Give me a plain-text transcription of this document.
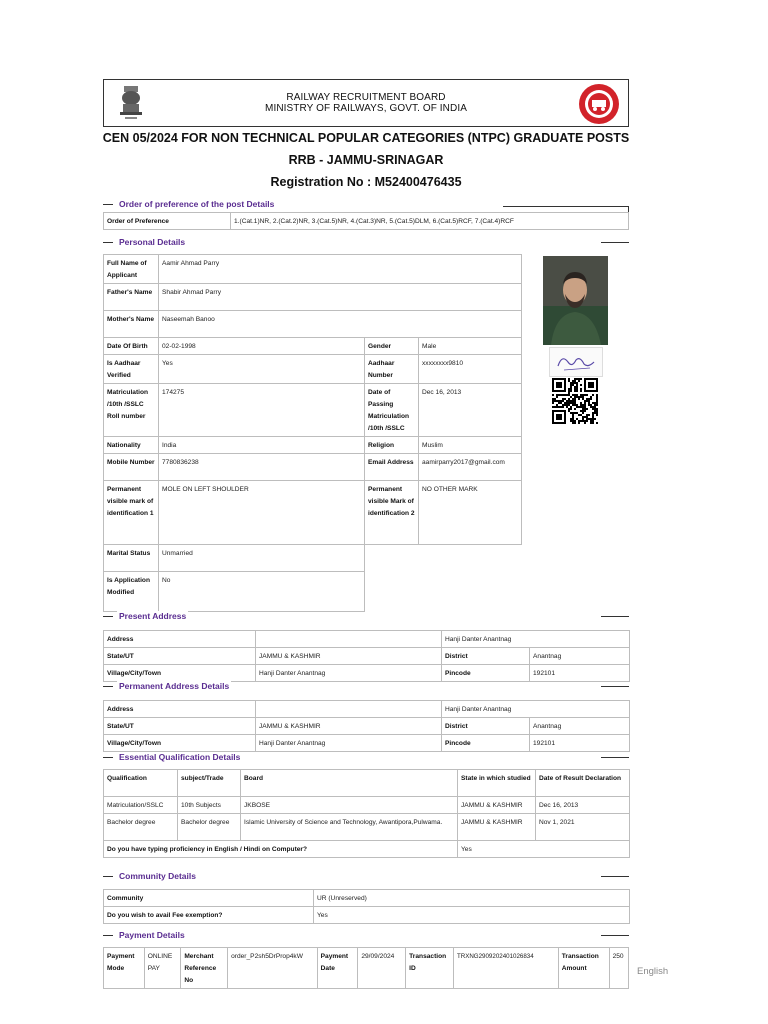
RAILWAY RECRUITMENT BOARD
MINISTRY OF RAILWAYS, GOVT. OF INDIA
CEN 05/2024 FOR NON TECHNICAL POPULAR CATEGORIES (NTPC) GRADUATE POSTS
RRB - JAMMU-SRINAGAR
Registration No : M52400476435
Order of preference of the post Details
Order of Preference	1.(Cat.1)NR, 2.(Cat.2)NR, 3.(Cat.5)NR, 4.(Cat.3)NR, 5.(Cat.5)DLM, 6.(Cat.5)RCF, 7.(Cat.4)RCF
Personal Details
Full Name of Applicant	Aamir Ahmad Parry		
Father's Name	Shabir Ahmad Parry		
Mother's Name	Naseemah Banoo		
Date Of Birth	02-02-1998	Gender	Male
Is Aadhaar Verified	Yes	Aadhaar Number	xxxxxxxx9810
Matriculation /10th /SSLC Roll number	174275	Date of Passing Matriculation /10th /SSLC	Dec 16, 2013
Nationality	India	Religion	Muslim
Mobile Number	7780836238	Email Address	aamirparry2017@gmail.com
Permanent visible mark of identification 1	MOLE ON LEFT SHOULDER	Permanent visible Mark of identification 2	NO OTHER MARK
Marital Status	Unmarried		
Is Application Modified	No		
Present Address
Address		Hanji Danter Anantnag	
State/UT	JAMMU & KASHMIR	District	Anantnag
Village/City/Town	Hanji Danter Anantnag	Pincode	192101
Permanent Address Details
Address		Hanji Danter Anantnag	
State/UT	JAMMU & KASHMIR	District	Anantnag
Village/City/Town	Hanji Danter Anantnag	Pincode	192101
Essential Qualification Details
Qualification	subject/Trade	Board	State in which studied	Date of Result Declaration
Matriculation/SSLC	10th Subjects	JKBOSE	JAMMU & KASHMIR	Dec 16, 2013
Bachelor degree	Bachelor degree	Islamic University of Science and Technology, Awantipora,Pulwama.	JAMMU & KASHMIR	Nov 1, 2021
Do you have typing proficiency in English / Hindi on Computer?			Yes	
Community Details
Community	UR (Unreserved)
Do you wish to avail Fee exemption?	Yes
Payment Details
Payment Mode	ONLINE PAY	Merchant Reference No	order_P2sh5DrProp4kW	Payment Date	29/09/2024	Transaction ID	TRXNG2909202401026834	Transaction Amount	250
English
